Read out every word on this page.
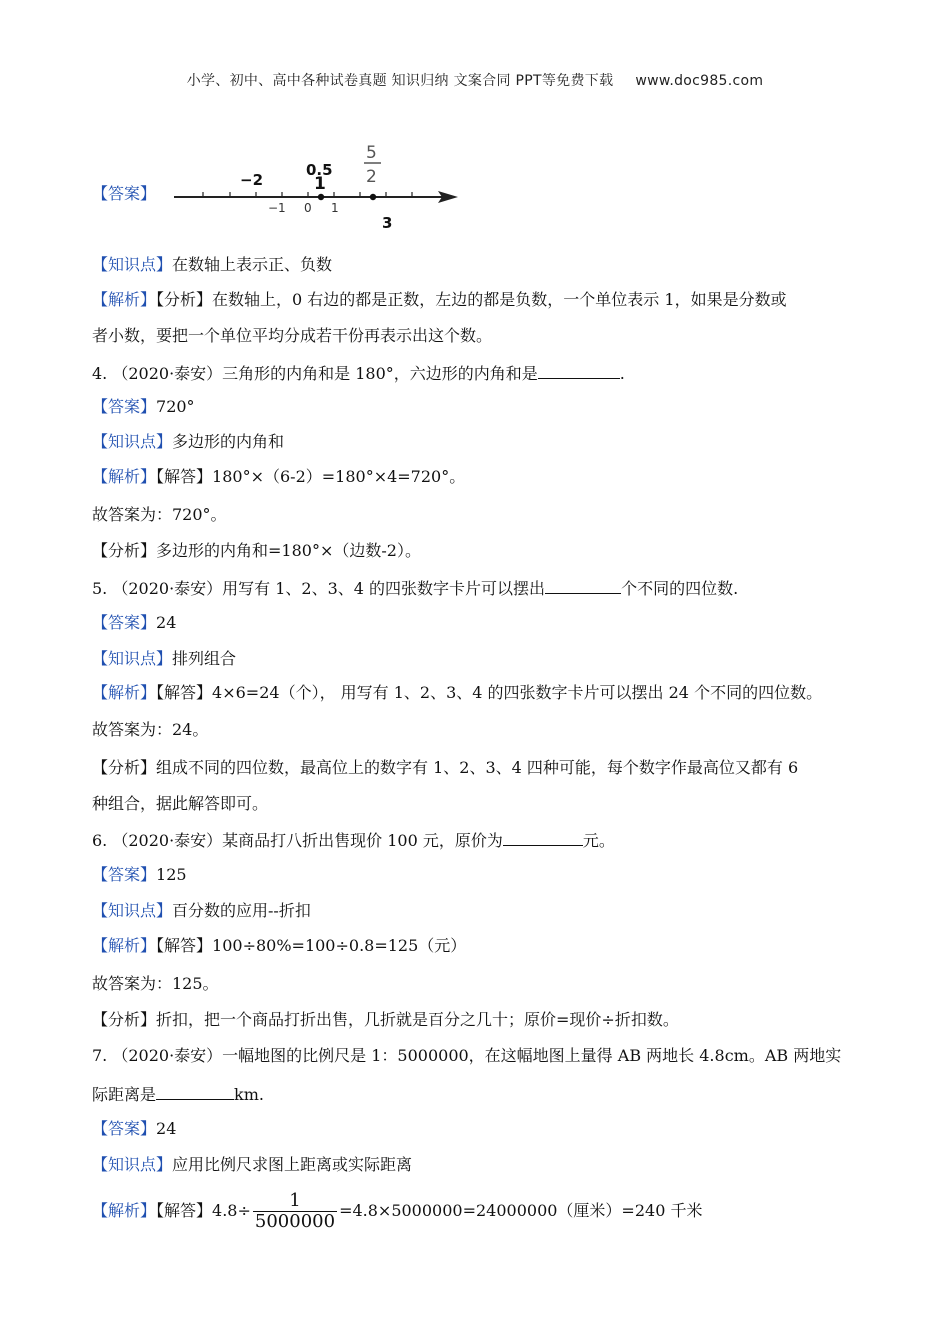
小学、初中、高中各种试卷真题 知识归纳 文案合同 PPT等免费下载 www.doc985.com
【答案】
−1 0 1
−2
0.5
1
5
2
3
【知识点】在数轴上表示正、负数
【解析】【分析】在数轴上，0 右边的都是正数，左边的都是负数，一个单位表示 1，如果是分数或
者小数，要把一个单位平均分成若干份再表示出这个数。
4. （2020·泰安）三角形的内角和是 180°，六边形的内角和是	.
【答案】720°
【知识点】多边形的内角和
【解析】【解答】180°×（6-2）=180°×4=720°。
故答案为：720°。
【分析】多边形的内角和=180°×（边数-2）。
5. （2020·泰安）用写有 1、2、3、4 的四张数字卡片可以摆出	个不同的四位数.
【答案】24
【知识点】排列组合
【解析】【解答】4×6=24（个）， 用写有 1、2、3、4 的四张数字卡片可以摆出 24 个不同的四位数。
故答案为：24。
【分析】组成不同的四位数，最高位上的数字有 1、2、3、4 四种可能，每个数字作最高位又都有 6
种组合，据此解答即可。
6. （2020·泰安）某商品打八折出售现价 100 元，原价为	元。
【答案】125
【知识点】百分数的应用--折扣
【解析】【解答】100÷80%=100÷0.8=125（元）
故答案为：125。
【分析】折扣，把一个商品打折出售，几折就是百分之几十；原价=现价÷折扣数。
7. （2020·泰安）一幅地图的比例尺是 1：5000000，在这幅地图上量得 AB 两地长 4.8cm。AB 两地实
际距离是	km.
【答案】24
【知识点】应用比例尺求图上距离或实际距离
【解析】【解答】$4.8\div \frac{1}{5000000} =4.8\times 5000000=24000000$（厘米）=240 千米
